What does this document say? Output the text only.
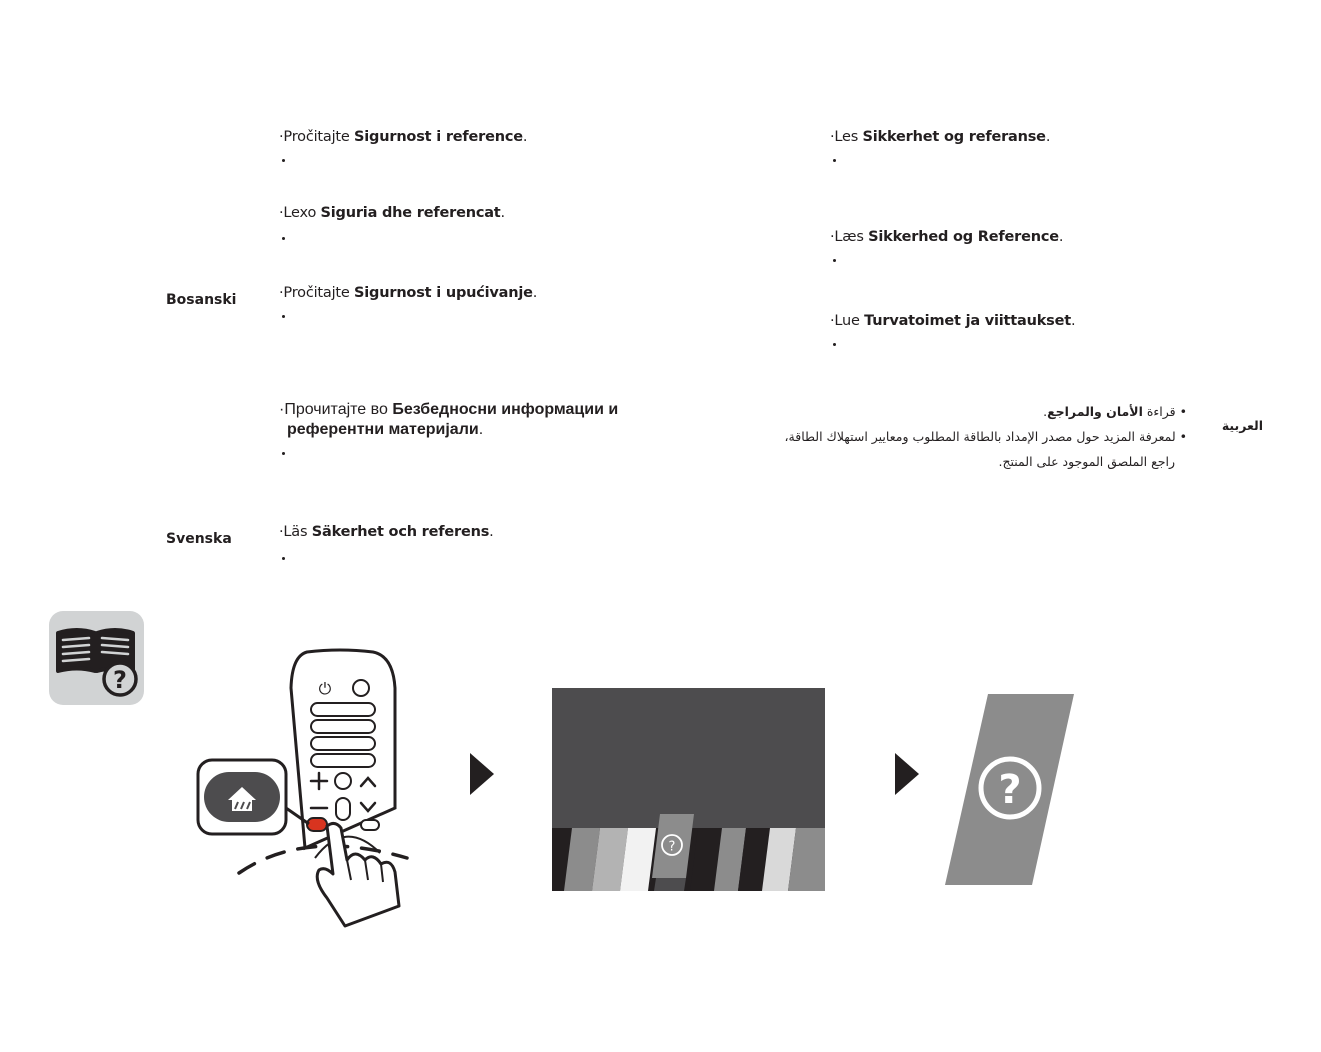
·Pročitajte Sigurnost i reference.
·Lexo Siguria dhe referencat.
Bosanski	·Pročitajte Sigurnost i upućivanje.
·Прочитајте во Безбедносни информации и
референтни материјали.
Svenska	·Läs Säkerhet och referens.
·Les Sikkerhet og referanse.
·Læs Sikkerhed og Reference.
·Lue Turvatoimet ja viittaukset.
العربية
• قراءة الأمان والمراجع.
• لمعرفة المزيد حول مصدر الإمداد بالطاقة المطلوب ومعايير استهلاك الطاقة،
راجع الملصق الموجود على المنتج.
?	⏻
?
?
